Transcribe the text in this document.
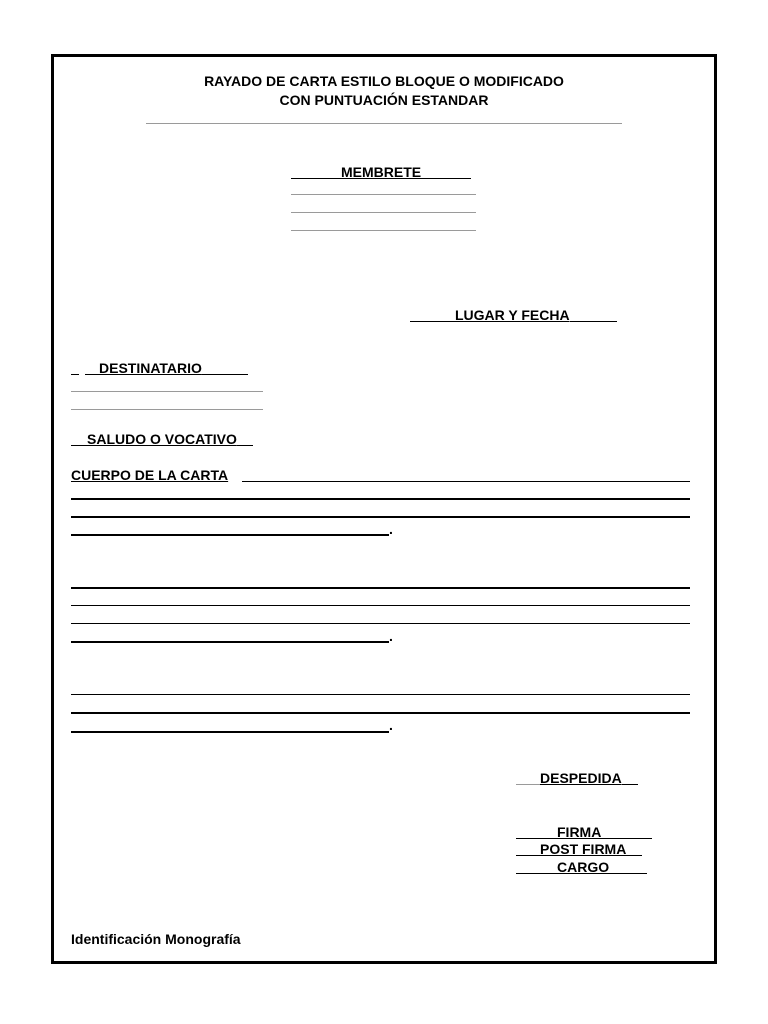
RAYADO DE CARTA ESTILO BLOQUE O MODIFICADO
CON PUNTUACIÓN ESTANDAR
MEMBRETE
LUGAR Y FECHA
DESTINATARIO
SALUDO O VOCATIVO
CUERPO DE LA CARTA
.
.
.
DESPEDIDA
FIRMA
POST FIRMA
CARGO
Identificación Monografía
